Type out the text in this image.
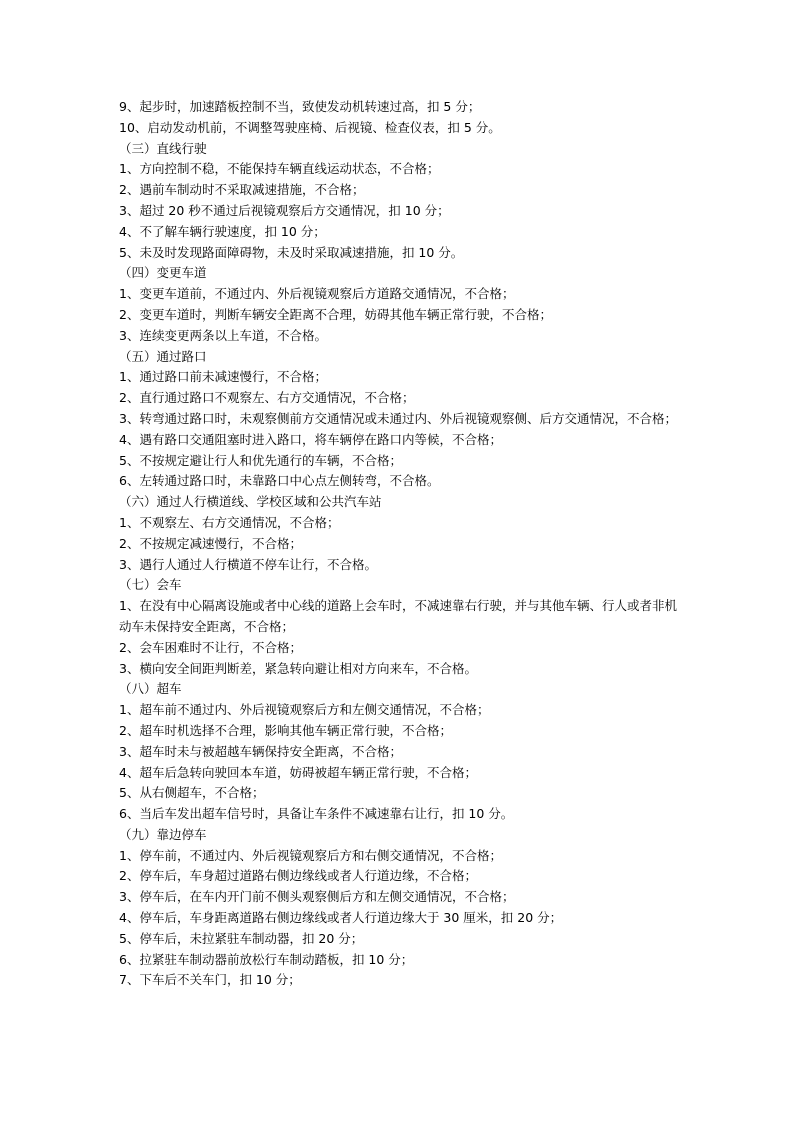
9、起步时，加速踏板控制不当，致使发动机转速过高，扣 5 分；
10、启动发动机前，不调整驾驶座椅、后视镜、检查仪表，扣 5 分。
（三）直线行驶
1、方向控制不稳，不能保持车辆直线运动状态，不合格；
2、遇前车制动时不采取减速措施，不合格；
3、超过 20 秒不通过后视镜观察后方交通情况，扣 10 分；
4、不了解车辆行驶速度，扣 10 分；
5、未及时发现路面障碍物，未及时采取减速措施，扣 10 分。
（四）变更车道
1、变更车道前，不通过内、外后视镜观察后方道路交通情况，不合格；
2、变更车道时，判断车辆安全距离不合理，妨碍其他车辆正常行驶，不合格；
3、连续变更两条以上车道，不合格。
（五）通过路口
1、通过路口前未减速慢行，不合格；
2、直行通过路口不观察左、右方交通情况，不合格；
3、转弯通过路口时，未观察侧前方交通情况或未通过内、外后视镜观察侧、后方交通情况，不合格；
4、遇有路口交通阻塞时进入路口，将车辆停在路口内等候，不合格；
5、不按规定避让行人和优先通行的车辆，不合格；
6、左转通过路口时，未靠路口中心点左侧转弯，不合格。
（六）通过人行横道线、学校区域和公共汽车站
1、不观察左、右方交通情况，不合格；
2、不按规定减速慢行，不合格；
3、遇行人通过人行横道不停车让行，不合格。
（七）会车
1、在没有中心隔离设施或者中心线的道路上会车时，不减速靠右行驶，并与其他车辆、行人或者非机动车未保持安全距离，不合格；
2、会车困难时不让行，不合格；
3、横向安全间距判断差，紧急转向避让相对方向来车，不合格。
（八）超车
1、超车前不通过内、外后视镜观察后方和左侧交通情况，不合格；
2、超车时机选择不合理，影响其他车辆正常行驶，不合格；
3、超车时未与被超越车辆保持安全距离，不合格；
4、超车后急转向驶回本车道，妨碍被超车辆正常行驶，不合格；
5、从右侧超车，不合格；
6、当后车发出超车信号时，具备让车条件不减速靠右让行，扣 10 分。
（九）靠边停车
1、停车前，不通过内、外后视镜观察后方和右侧交通情况，不合格；
2、停车后，车身超过道路右侧边缘线或者人行道边缘，不合格；
3、停车后，在车内开门前不侧头观察侧后方和左侧交通情况，不合格；
4、停车后，车身距离道路右侧边缘线或者人行道边缘大于 30 厘米，扣 20 分；
5、停车后，未拉紧驻车制动器，扣 20 分；
6、拉紧驻车制动器前放松行车制动踏板，扣 10 分；
7、下车后不关车门，扣 10 分；
